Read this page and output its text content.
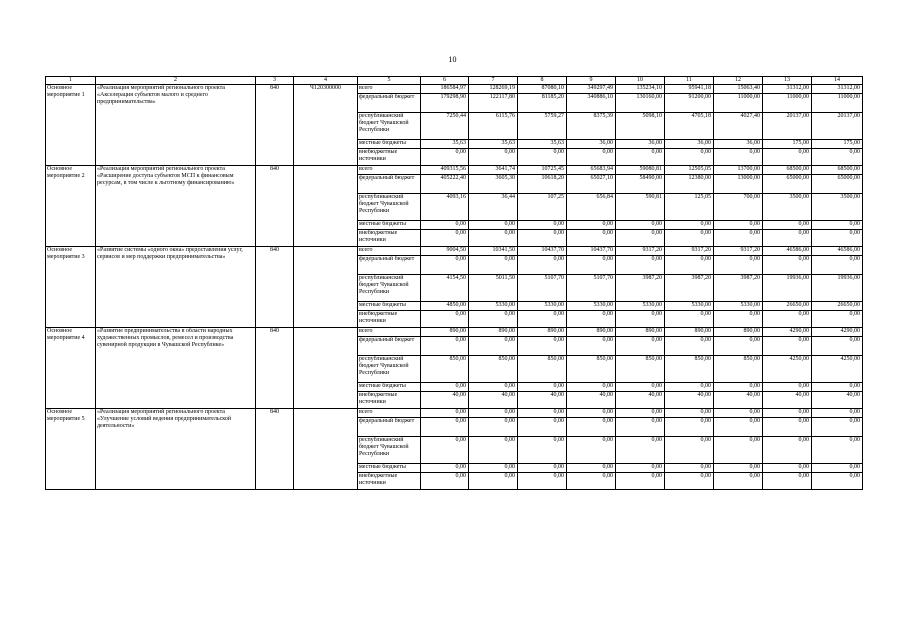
10
1	2	3	4	5	6	7	8	9	10	11	12	13	14
Основное мероприятие 1	«Реализация мероприятий регионального проекта «Акселерация субъектов малого и среднего предпринимательства»	840	Ч120300000	всего	186584,97	128269,19	87080,10	349297,49	135234,10	95941,18	15063,40	31312,00	31312,00
				федеральный бюджет	179298,90	122117,80	81185,20	340886,10	130160,00	91200,00	11000,00	11000,00	11000,00
				республиканский бюджет Чувашской Республики	7250,44	6115,76	5759,27	8375,39	5098,10	4705,18	4027,40	20137,00	20137,00
				местные бюджеты	35,63	35,63	35,63	36,00	36,00	36,00	36,00	175,00	175,00
				внебюджетные источники	0,00	0,00	0,00	0,00	0,00	0,00	0,00	0,00	0,00
Основное мероприятие 2	«Реализация мероприятий регионального проекта «Расширение доступа субъектов МСП к финансовым ресурсам, в том числе к льготному финансированию»	840		всего	409315,56	3641,74	10725,45	65683,94	59080,81	12505,05	13700,00	68500,00	68500,00
				федеральный бюджет	405222,40	3605,30	10618,20	65027,10	58490,00	12380,00	13000,00	65000,00	65000,00
				республиканский бюджет Чувашской Республики	4093,16	36,44	107,25	656,84	590,81	125,05	700,00	3500,00	3500,00
				местные бюджеты	0,00	0,00	0,00	0,00	0,00	0,00	0,00	0,00	0,00
				внебюджетные источники	0,00	0,00	0,00	0,00	0,00	0,00	0,00	0,00	0,00
Основное мероприятие 3	«Развитие системы «одного окна» предоставления услуг, сервисов и мер поддержки предпринимательства»	840		всего	9004,50	10341,50	10437,70	10437,70	9317,20	9317,20	9317,20	46586,00	46586,00
				федеральный бюджет	0,00	0,00	0,00	0,00	0,00	0,00	0,00	0,00	0,00
				республиканский бюджет Чувашской Республики	4154,50	5011,50	5107,70	5107,70	3987,20	3987,20	3987,20	19936,00	19936,00
				местные бюджеты	4850,00	5330,00	5330,00	5330,00	5330,00	5330,00	5330,00	26650,00	26650,00
				внебюджетные источники	0,00	0,00	0,00	0,00	0,00	0,00	0,00	0,00	0,00
Основное мероприятие 4	«Развитие предпринимательства в области народных художественных промыслов, ремесел и производства сувенирной продукции в Чувашской Республике»	840		всего	890,00	890,00	890,00	890,00	890,00	890,00	890,00	4290,00	4290,00
				федеральный бюджет	0,00	0,00	0,00	0,00	0,00	0,00	0,00	0,00	0,00
				республиканский бюджет Чувашской Республики	850,00	850,00	850,00	850,00	850,00	850,00	850,00	4250,00	4250,00
				местные бюджеты	0,00	0,00	0,00	0,00	0,00	0,00	0,00	0,00	0,00
				внебюджетные источники	40,00	40,00	40,00	40,00	40,00	40,00	40,00	40,00	40,00
Основное мероприятие 5	«Реализация мероприятий регионального проекта «Улучшение условий ведения предпринимательской деятельности»	840		всего	0,00	0,00	0,00	0,00	0,00	0,00	0,00	0,00	0,00
				федеральный бюджет	0,00	0,00	0,00	0,00	0,00	0,00	0,00	0,00	0,00
				республиканский бюджет Чувашской Республики	0,00	0,00	0,00	0,00	0,00	0,00	0,00	0,00	0,00
				местные бюджеты	0,00	0,00	0,00	0,00	0,00	0,00	0,00	0,00	0,00
				внебюджетные источники	0,00	0,00	0,00	0,00	0,00	0,00	0,00	0,00	0,00
